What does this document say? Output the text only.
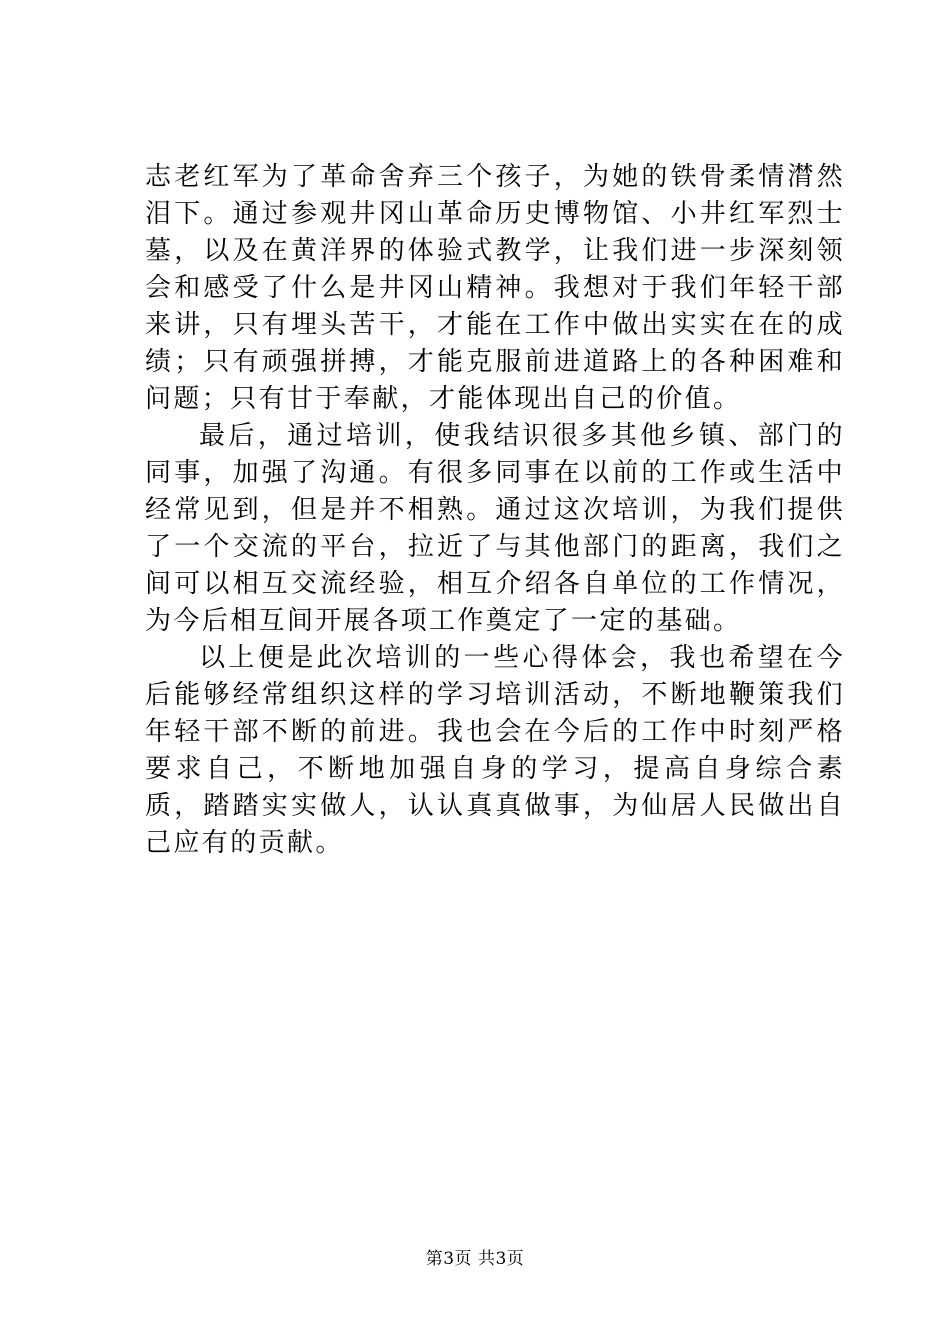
志老红军为了革命舍弃三个孩子，为她的铁骨柔情潸然泪下。通过参观井冈山革命历史博物馆、小井红军烈士墓，以及在黄洋界的体验式教学，让我们进一步深刻领会和感受了什么是井冈山精神。我想对于我们年轻干部来讲，只有埋头苦干，才能在工作中做出实实在在的成绩；只有顽强拼搏，才能克服前进道路上的各种困难和问题；只有甘于奉献，才能体现出自己的价值。

最后，通过培训，使我结识很多其他乡镇、部门的同事，加强了沟通。有很多同事在以前的工作或生活中经常见到，但是并不相熟。通过这次培训，为我们提供了一个交流的平台，拉近了与其他部门的距离，我们之间可以相互交流经验，相互介绍各自单位的工作情况，为今后相互间开展各项工作奠定了一定的基础。

以上便是此次培训的一些心得体会，我也希望在今后能够经常组织这样的学习培训活动，不断地鞭策我们年轻干部不断的前进。我也会在今后的工作中时刻严格要求自己，不断地加强自身的学习，提高自身综合素质，踏踏实实做人，认认真真做事，为仙居人民做出自己应有的贡献。

第3页 共3页
